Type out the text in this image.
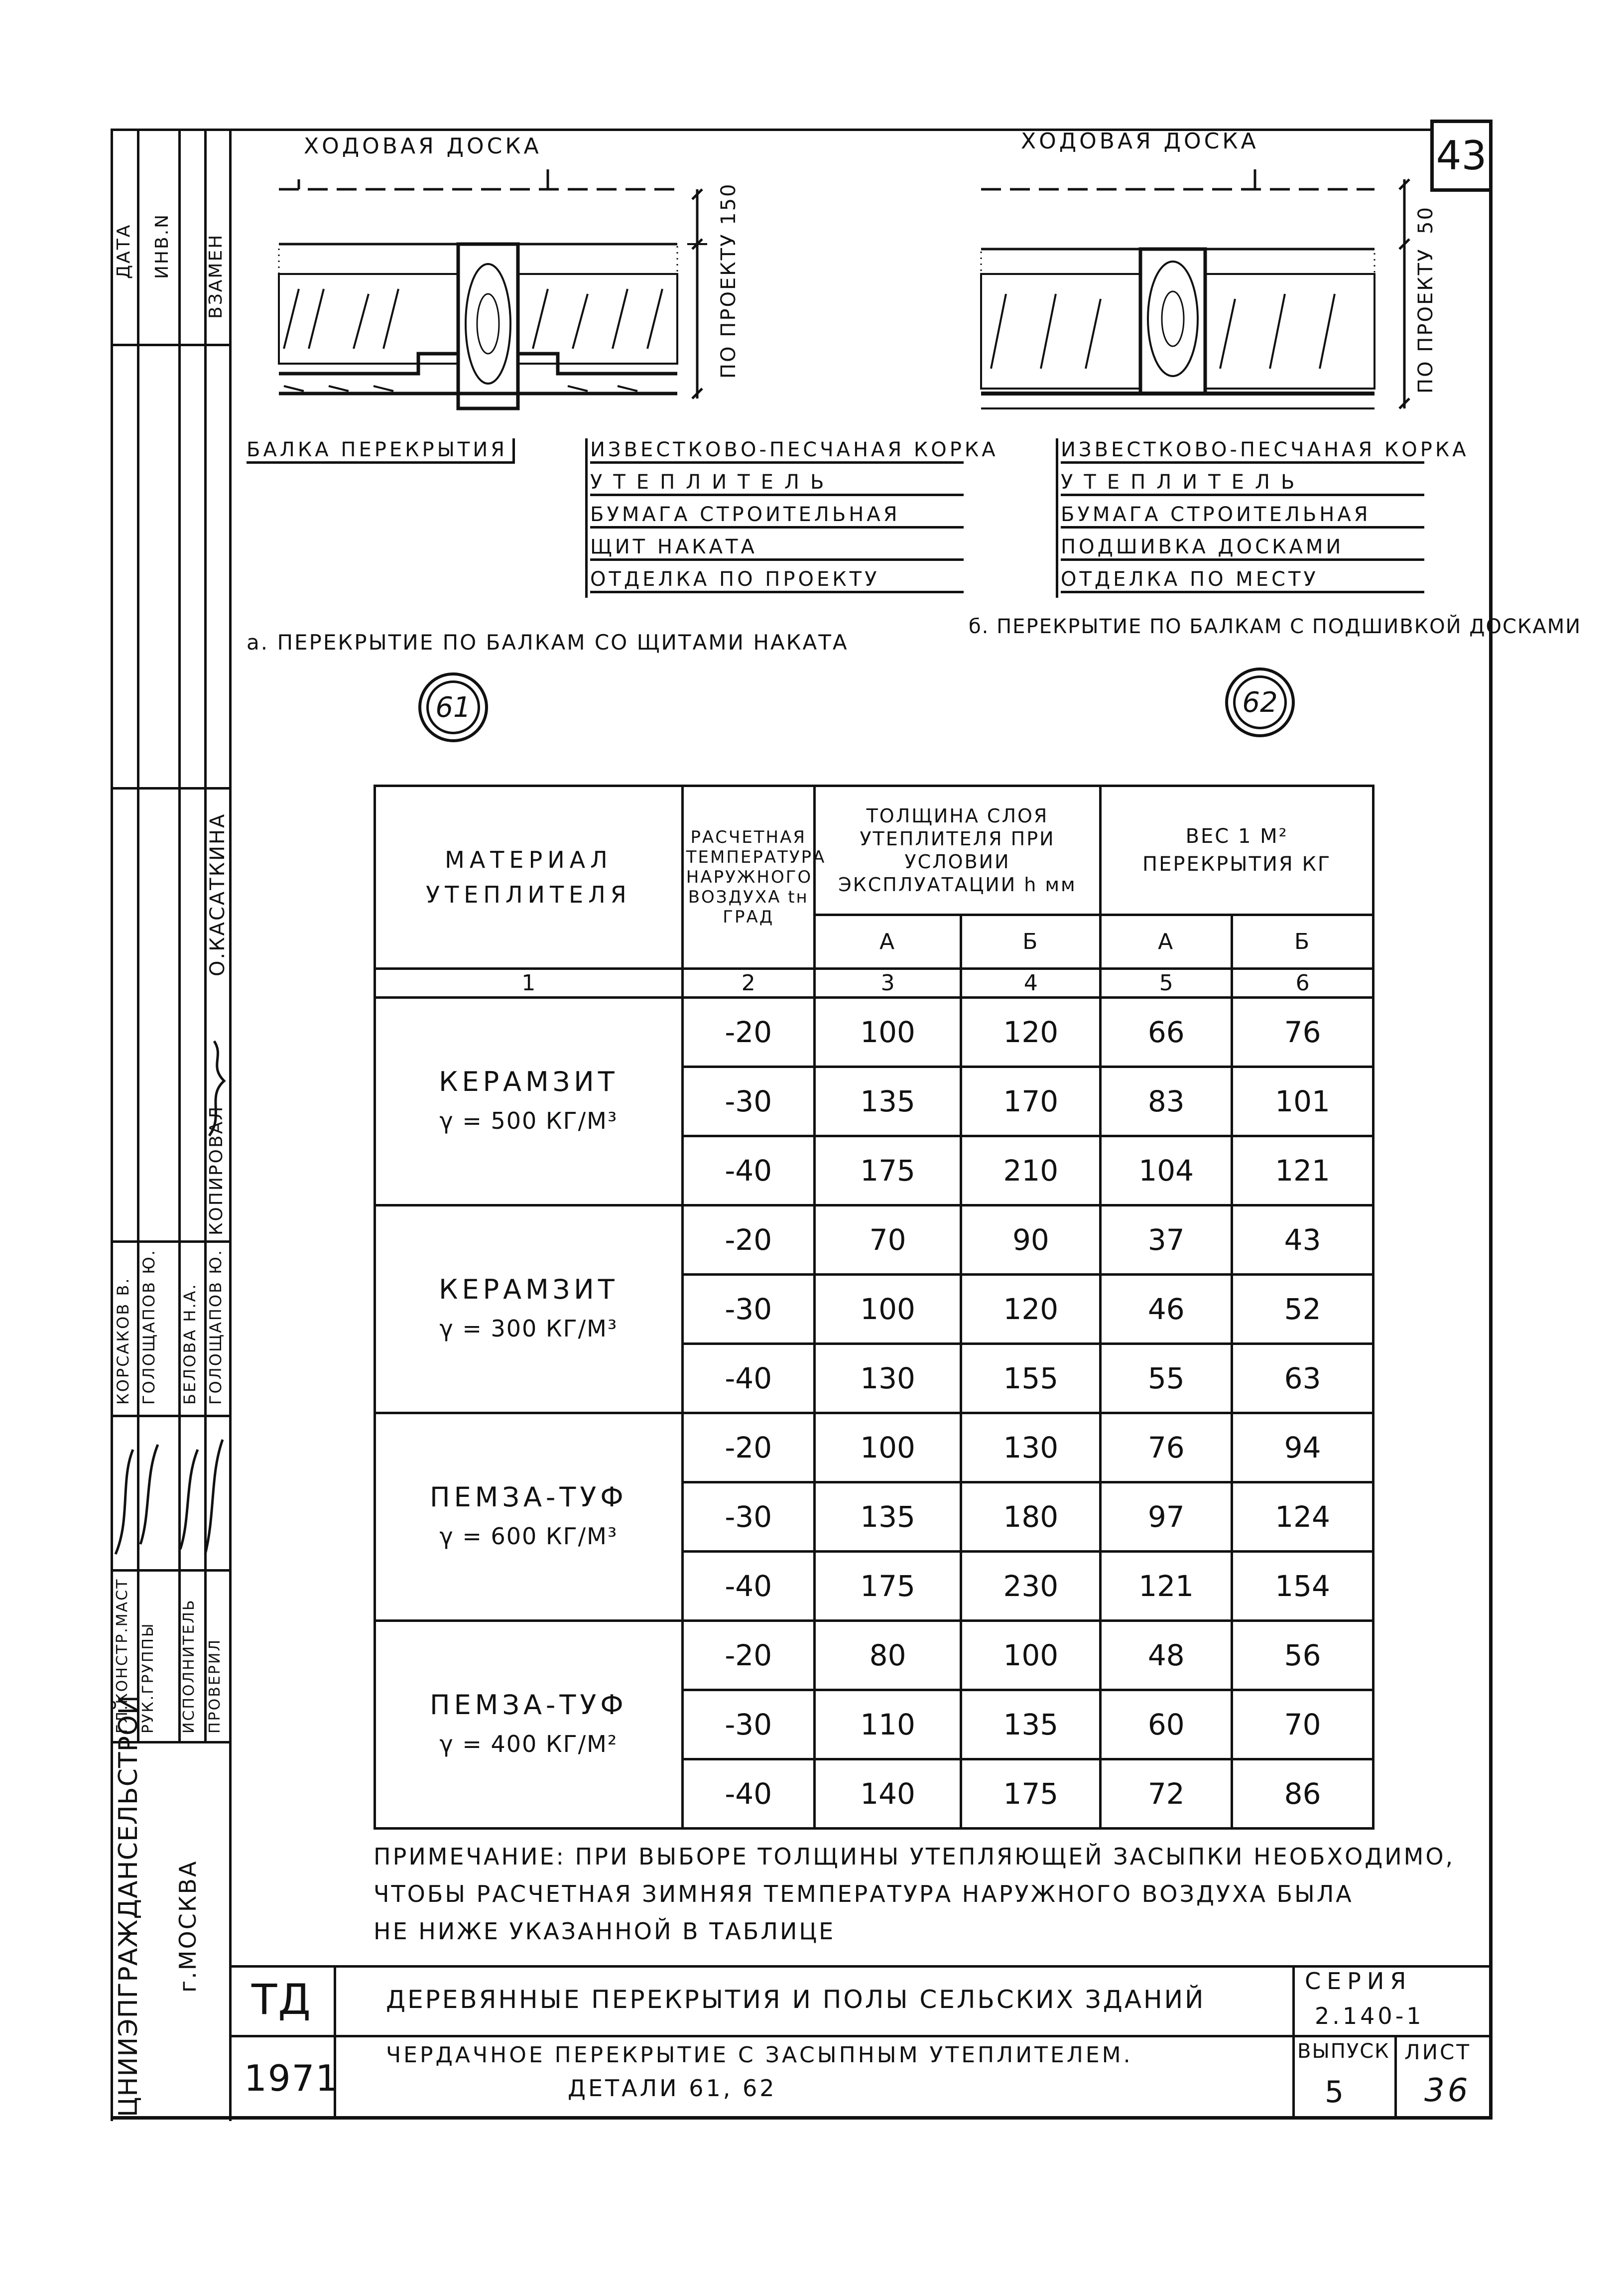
43
ЦНИИЭПГРАЖДАНСЕЛЬСТРОЙ г.МОСКВА
ДАТА ИНВ.N ВЗАМЕН
ГЛ.КОНСТР.МАСТ РУК.ГРУППЫ ИСПОЛНИТЕЛЬ ПРОВЕРИЛ
КОРСАКОВ В. ГОЛОЩАПОВ Ю. БЕЛОВА Н.А. ГОЛОЩАПОВ Ю.
КОПИРОВАЛ
О.КАСАТКИНА
ХОДОВАЯ ДОСКА
ПО ПРОЕКТУ 150
БАЛКА ПЕРЕКРЫТИЯ	ИЗВЕСТКОВО-ПЕСЧАНАЯ КОРКА
УТЕПЛИТЕЛЬ
БУМАГА СТРОИТЕЛЬНАЯ
ЩИТ НАКАТА
ОТДЕЛКА ПО ПРОЕКТУ
а. ПЕРЕКРЫТИЕ ПО БАЛКАМ СО ЩИТАМИ НАКАТА
61
ХОДОВАЯ ДОСКА
50
ПО ПРОЕКТУ
ИЗВЕСТКОВО-ПЕСЧАНАЯ КОРКА
УТЕПЛИТЕЛЬ
БУМАГА СТРОИТЕЛЬНАЯ
ПОДШИВКА ДОСКАМИ
ОТДЕЛКА ПО МЕСТУ
б. ПЕРЕКРЫТИЕ ПО БАЛКАМ С ПОДШИВКОЙ ДОСКАМИ
62
МАТЕРИАЛ УТЕПЛИТЕЛЯ	РАСЧЕТНАЯ ТЕМПЕРАТУРА НАРУЖНОГО ВОЗДУХА tн ГРАД	ТОЛЩИНА СЛОЯ УТЕПЛИТЕЛЯ ПРИ УСЛОВИИ ЭКСПЛУАТАЦИИ h мм		ВЕС 1 М² ПЕРЕКРЫТИЯ КГ	
		А	Б	А	Б
1	2	3	4	5	6

КЕРАМЗИТ
γ = 500 КГ/М³	-20	100	120	66	76
	-30	135	170	83	101
	-40	175	210	104	121

КЕРАМЗИТ
γ = 300 КГ/М³	-20	70	90	37	43
	-30	100	120	46	52
	-40	130	155	55	63

ПЕМЗА-ТУФ
γ = 600 КГ/М³	-20	100	130	76	94
	-30	135	180	97	124
	-40	175	230	121	154

ПЕМЗА-ТУФ
γ = 400 КГ/М²	-20	80	100	48	56
	-30	110	135	60	70
	-40	140	175	72	86
ПРИМЕЧАНИЕ: ПРИ ВЫБОРЕ ТОЛЩИНЫ УТЕПЛЯЮЩЕЙ ЗАСЫПКИ НЕОБХОДИМО,
ЧТОБЫ РАСЧЕТНАЯ ЗИМНЯЯ ТЕМПЕРАТУРА НАРУЖНОГО ВОЗДУХА БЫЛА
НЕ НИЖЕ УКАЗАННОЙ В ТАБЛИЦЕ
ТД
1971
ДЕРЕВЯННЫЕ ПЕРЕКРЫТИЯ И ПОЛЫ СЕЛЬСКИХ ЗДАНИЙ
ЧЕРДАЧНОЕ ПЕРЕКРЫТИЕ С ЗАСЫПНЫМ УТЕПЛИТЕЛЕМ.
ДЕТАЛИ 61, 62
СЕРИЯ
2.140-1
ВЫПУСК
5
ЛИСТ
36
